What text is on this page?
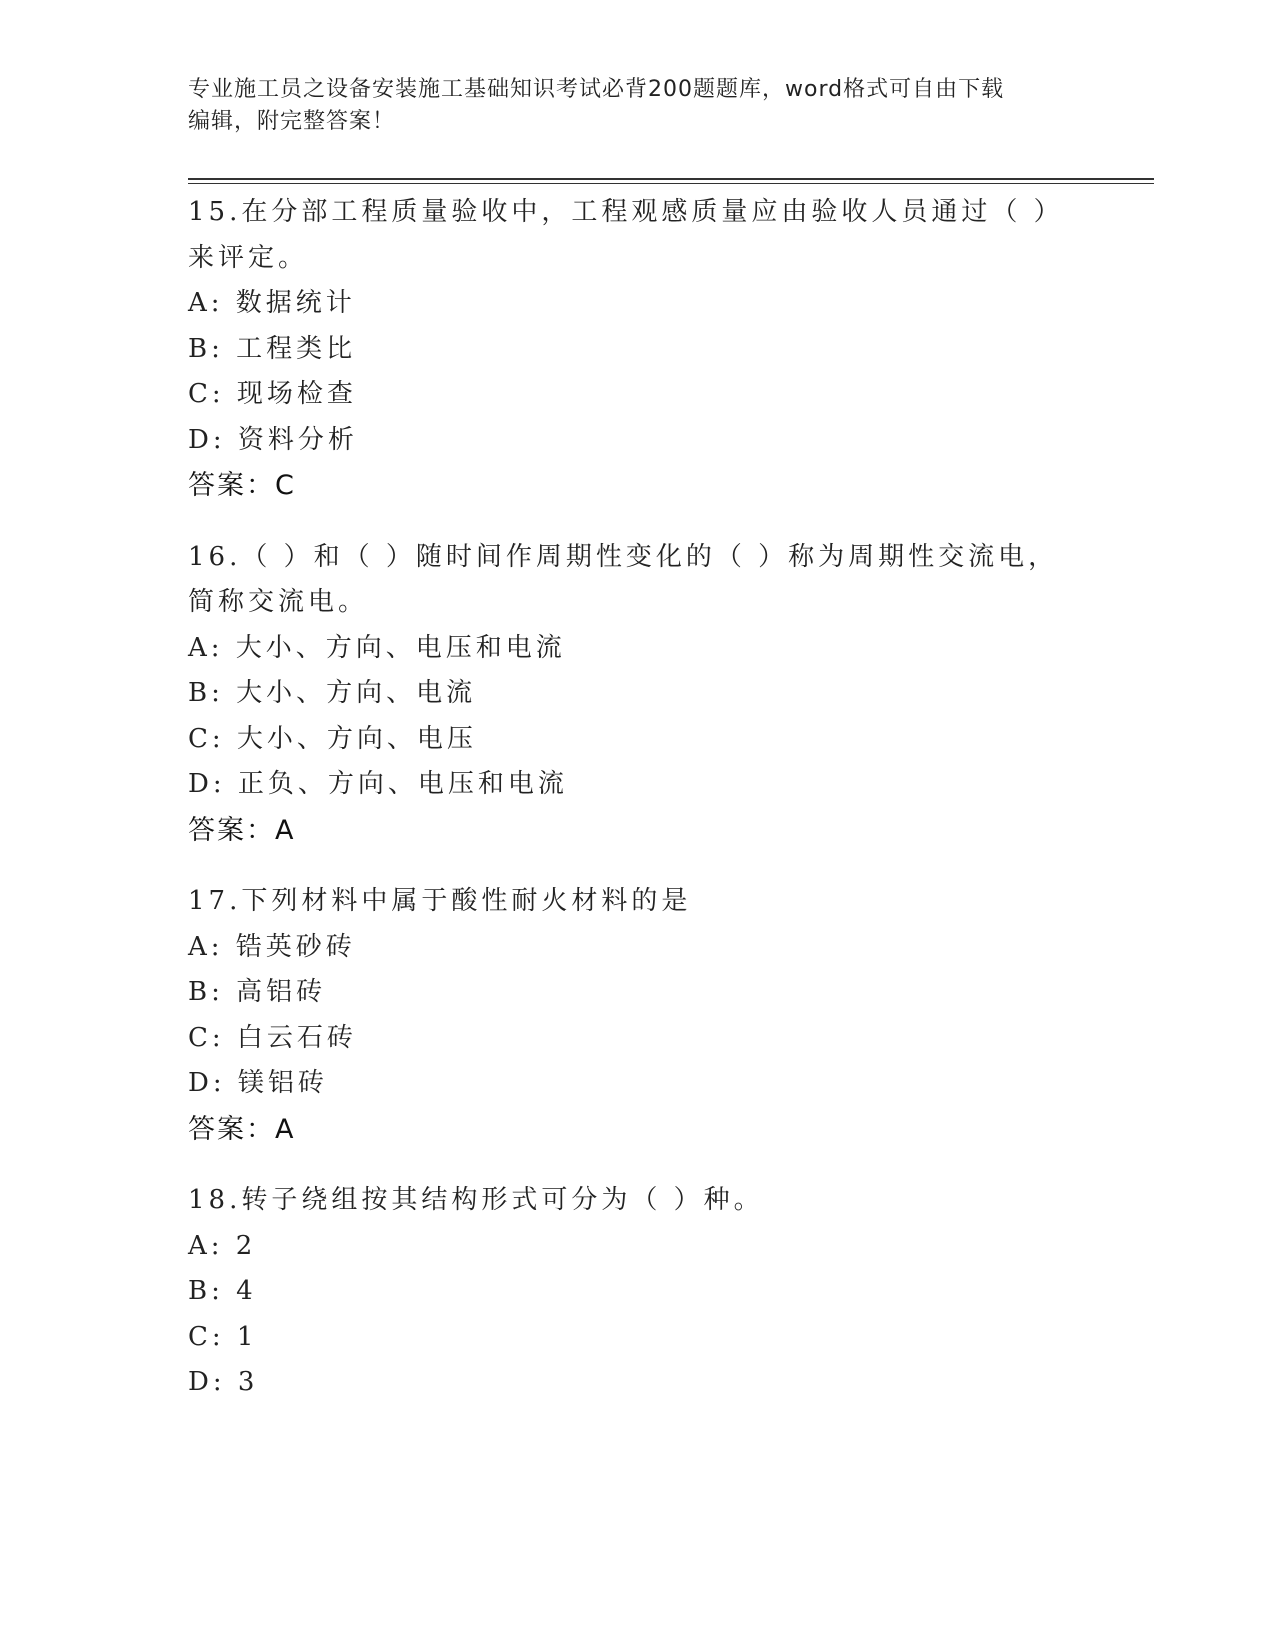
专业施工员之设备安装施工基础知识考试必背200题题库，word格式可自由下载
编辑，附完整答案！
15.在分部工程质量验收中，工程观感质量应由验收人员通过（ ）来评定。
A: 数据统计
B: 工程类比
C: 现场检查
D: 资料分析
答案：C
16.（ ）和（ ）随时间作周期性变化的（ ）称为周期性交流电，简称交流电。
A: 大小、方向、电压和电流
B: 大小、方向、电流
C: 大小、方向、电压
D: 正负、方向、电压和电流
答案：A
17.下列材料中属于酸性耐火材料的是
A: 锆英砂砖
B: 高铝砖
C: 白云石砖
D: 镁铝砖
答案：A
18.转子绕组按其结构形式可分为（ ）种。
A: 2
B: 4
C: 1
D: 3
